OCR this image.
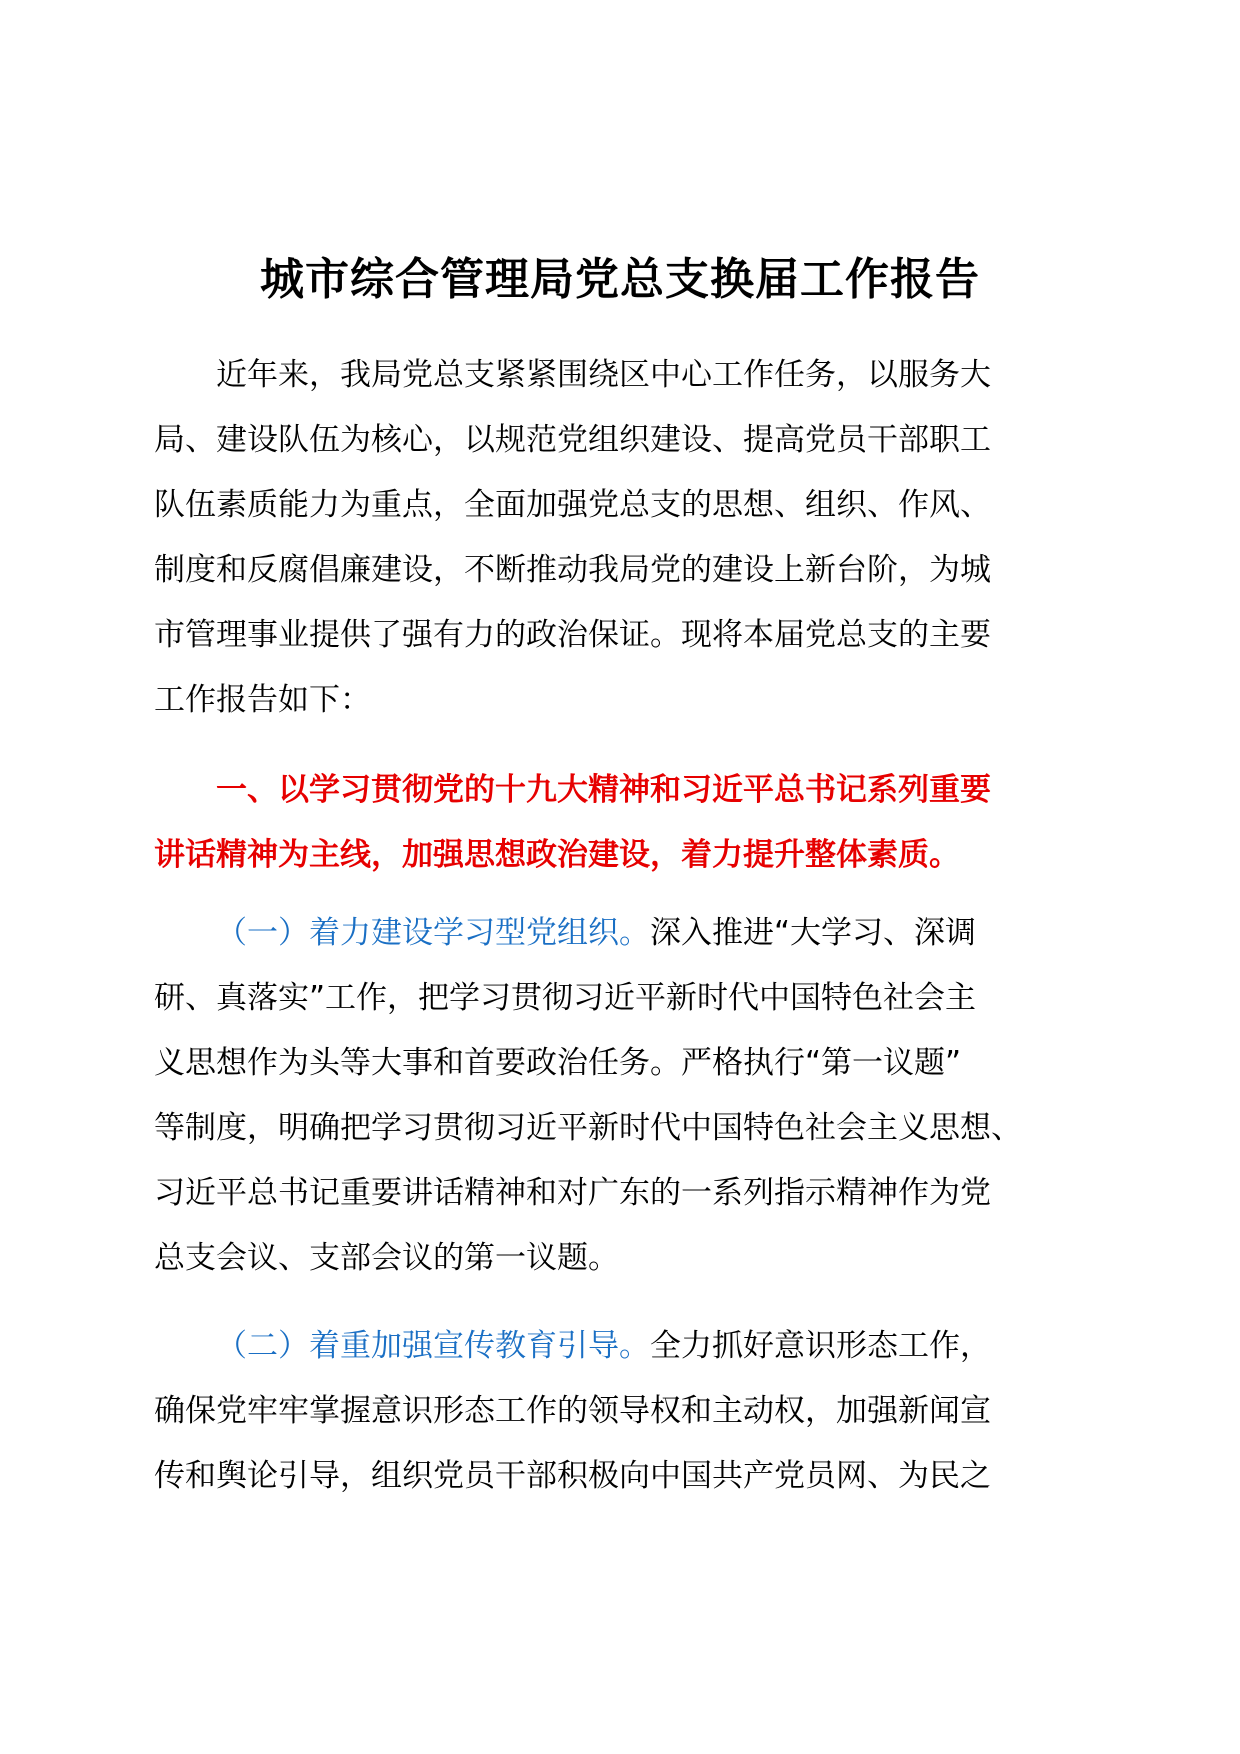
城市综合管理局党总支换届工作报告
近年来，我局党总支紧紧围绕区中心工作任务，以服务大
局、建设队伍为核心，以规范党组织建设、提高党员干部职工
队伍素质能力为重点，全面加强党总支的思想、组织、作风、
制度和反腐倡廉建设，不断推动我局党的建设上新台阶，为城
市管理事业提供了强有力的政治保证。现将本届党总支的主要
工作报告如下：
一、以学习贯彻党的十九大精神和习近平总书记系列重要
讲话精神为主线，加强思想政治建设，着力提升整体素质。
（一）着力建设学习型党组织。深入推进“大学习、深调
研、真落实”工作，把学习贯彻习近平新时代中国特色社会主
义思想作为头等大事和首要政治任务。严格执行“第一议题”
等制度，明确把学习贯彻习近平新时代中国特色社会主义思想、
习近平总书记重要讲话精神和对广东的一系列指示精神作为党
总支会议、支部会议的第一议题。
（二）着重加强宣传教育引导。全力抓好意识形态工作，
确保党牢牢掌握意识形态工作的领导权和主动权，加强新闻宣
传和舆论引导，组织党员干部积极向中国共产党员网、为民之
